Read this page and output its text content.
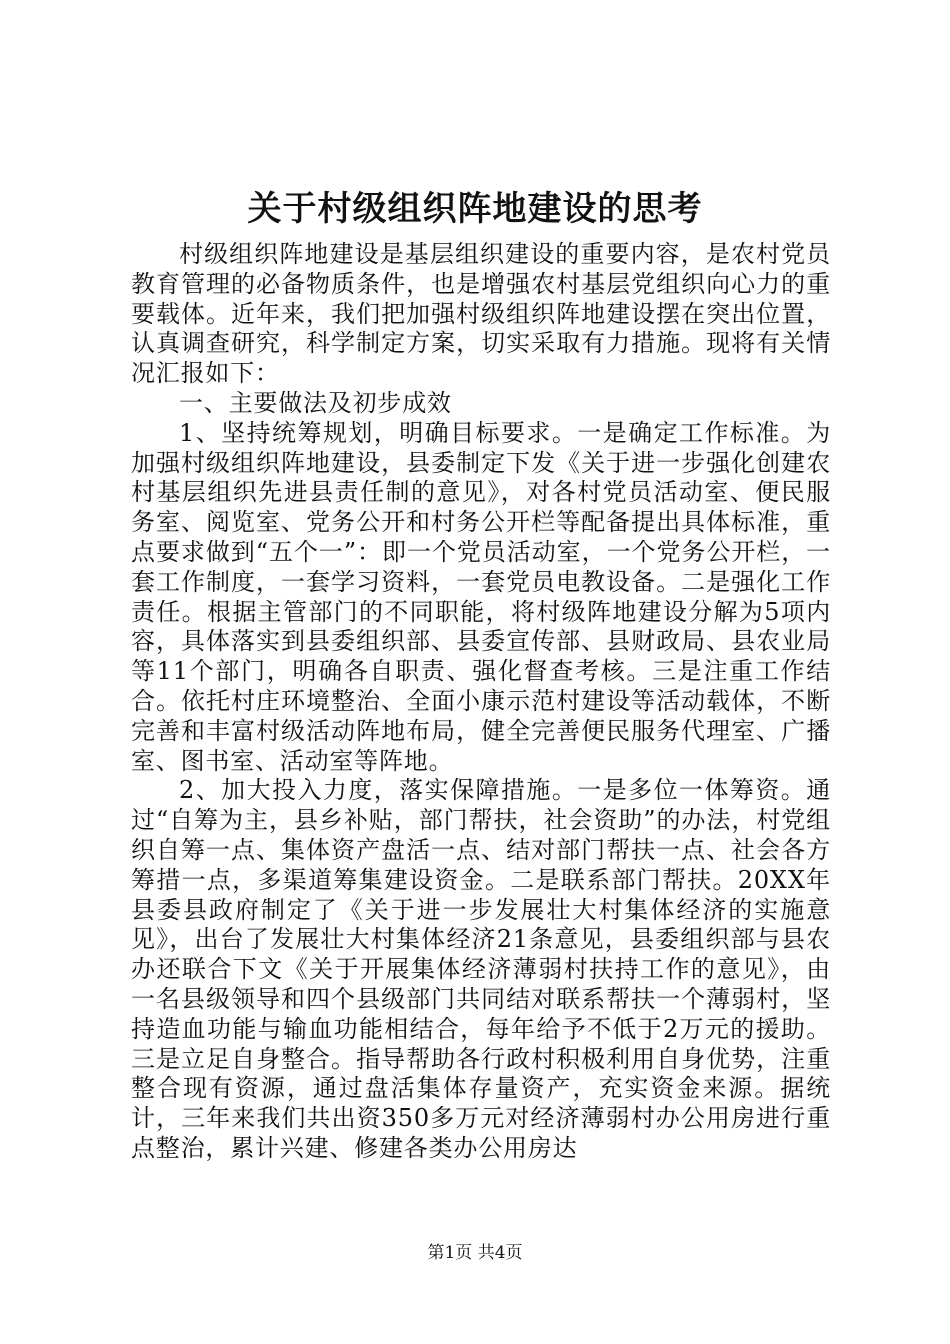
关于村级组织阵地建设的思考

村级组织阵地建设是基层组织建设的重要内容，是农村党员教育管理的必备物质条件，也是增强农村基层党组织向心力的重要载体。近年来，我们把加强村级组织阵地建设摆在突出位置，认真调查研究，科学制定方案，切实采取有力措施。现将有关情况汇报如下：

一、主要做法及初步成效

1、坚持统筹规划，明确目标要求。一是确定工作标准。为加强村级组织阵地建设，县委制定下发《关于进一步强化创建农村基层组织先进县责任制的意见》，对各村党员活动室、便民服务室、阅览室、党务公开和村务公开栏等配备提出具体标准，重点要求做到“五个一”：即一个党员活动室，一个党务公开栏，一套工作制度，一套学习资料，一套党员电教设备。二是强化工作责任。根据主管部门的不同职能，将村级阵地建设分解为5项内容，具体落实到县委组织部、县委宣传部、县财政局、县农业局等11个部门，明确各自职责、强化督查考核。三是注重工作结合。依托村庄环境整治、全面小康示范村建设等活动载体，不断完善和丰富村级活动阵地布局，健全完善便民服务代理室、广播室、图书室、活动室等阵地。

2、加大投入力度，落实保障措施。一是多位一体筹资。通过“自筹为主，县乡补贴，部门帮扶，社会资助”的办法，村党组织自筹一点、集体资产盘活一点、结对部门帮扶一点、社会各方筹措一点，多渠道筹集建设资金。二是联系部门帮扶。20XX年县委县政府制定了《关于进一步发展壮大村集体经济的实施意见》，出台了发展壮大村集体经济21条意见，县委组织部与县农办还联合下文《关于开展集体经济薄弱村扶持工作的意见》，由一名县级领导和四个县级部门共同结对联系帮扶一个薄弱村，坚持造血功能与输血功能相结合，每年给予不低于2万元的援助。三是立足自身整合。指导帮助各行政村积极利用自身优势，注重整合现有资源，通过盘活集体存量资产，充实资金来源。据统计，三年来我们共出资350多万元对经济薄弱村办公用房进行重点整治，累计兴建、修建各类办公用房达

第1页 共4页
